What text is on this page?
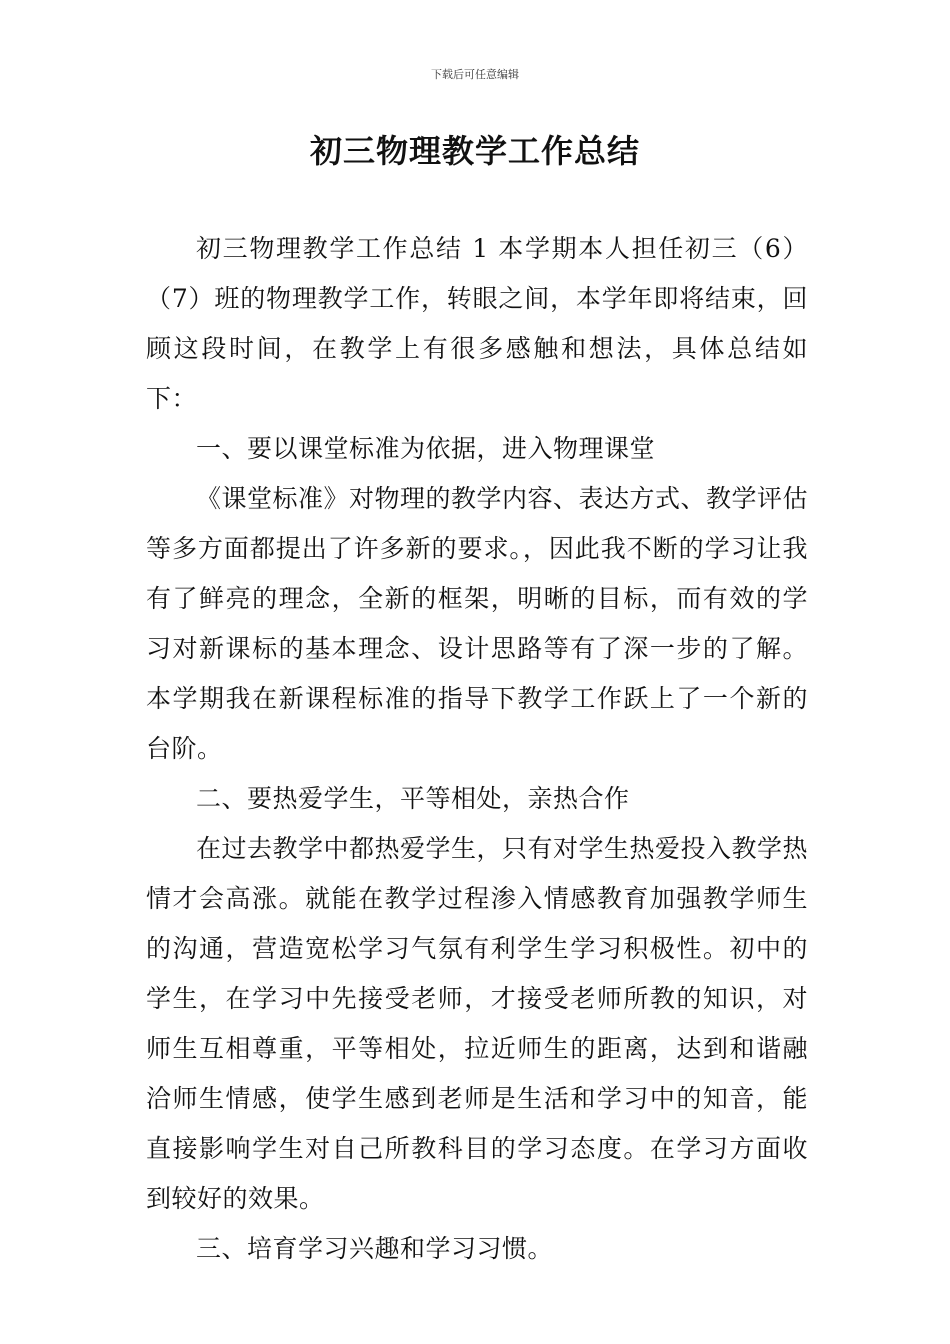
下载后可任意编辑
初三物理教学工作总结

初三物理教学工作总结 1 本学期本人担任初三（6）（7）班的物理教学工作，转眼之间，本学年即将结束，回顾这段时间，在教学上有很多感触和想法，具体总结如下：

一、要以课堂标准为依据，进入物理课堂

《课堂标准》对物理的教学内容、表达方式、教学评估等多方面都提出了许多新的要求。，因此我不断的学习让我有了鲜亮的理念，全新的框架，明晰的目标，而有效的学习对新课标的基本理念、设计思路等有了深一步的了解。本学期我在新课程标准的指导下教学工作跃上了一个新的台阶。

二、要热爱学生，平等相处，亲热合作

在过去教学中都热爱学生，只有对学生热爱投入教学热情才会高涨。就能在教学过程渗入情感教育加强教学师生的沟通，营造宽松学习气氛有利学生学习积极性。初中的学生，在学习中先接受老师，才接受老师所教的知识，对师生互相尊重，平等相处，拉近师生的距离，达到和谐融洽师生情感，使学生感到老师是生活和学习中的知音，能直接影响学生对自己所教科目的学习态度。在学习方面收到较好的效果。

三、培育学习兴趣和学习习惯。
